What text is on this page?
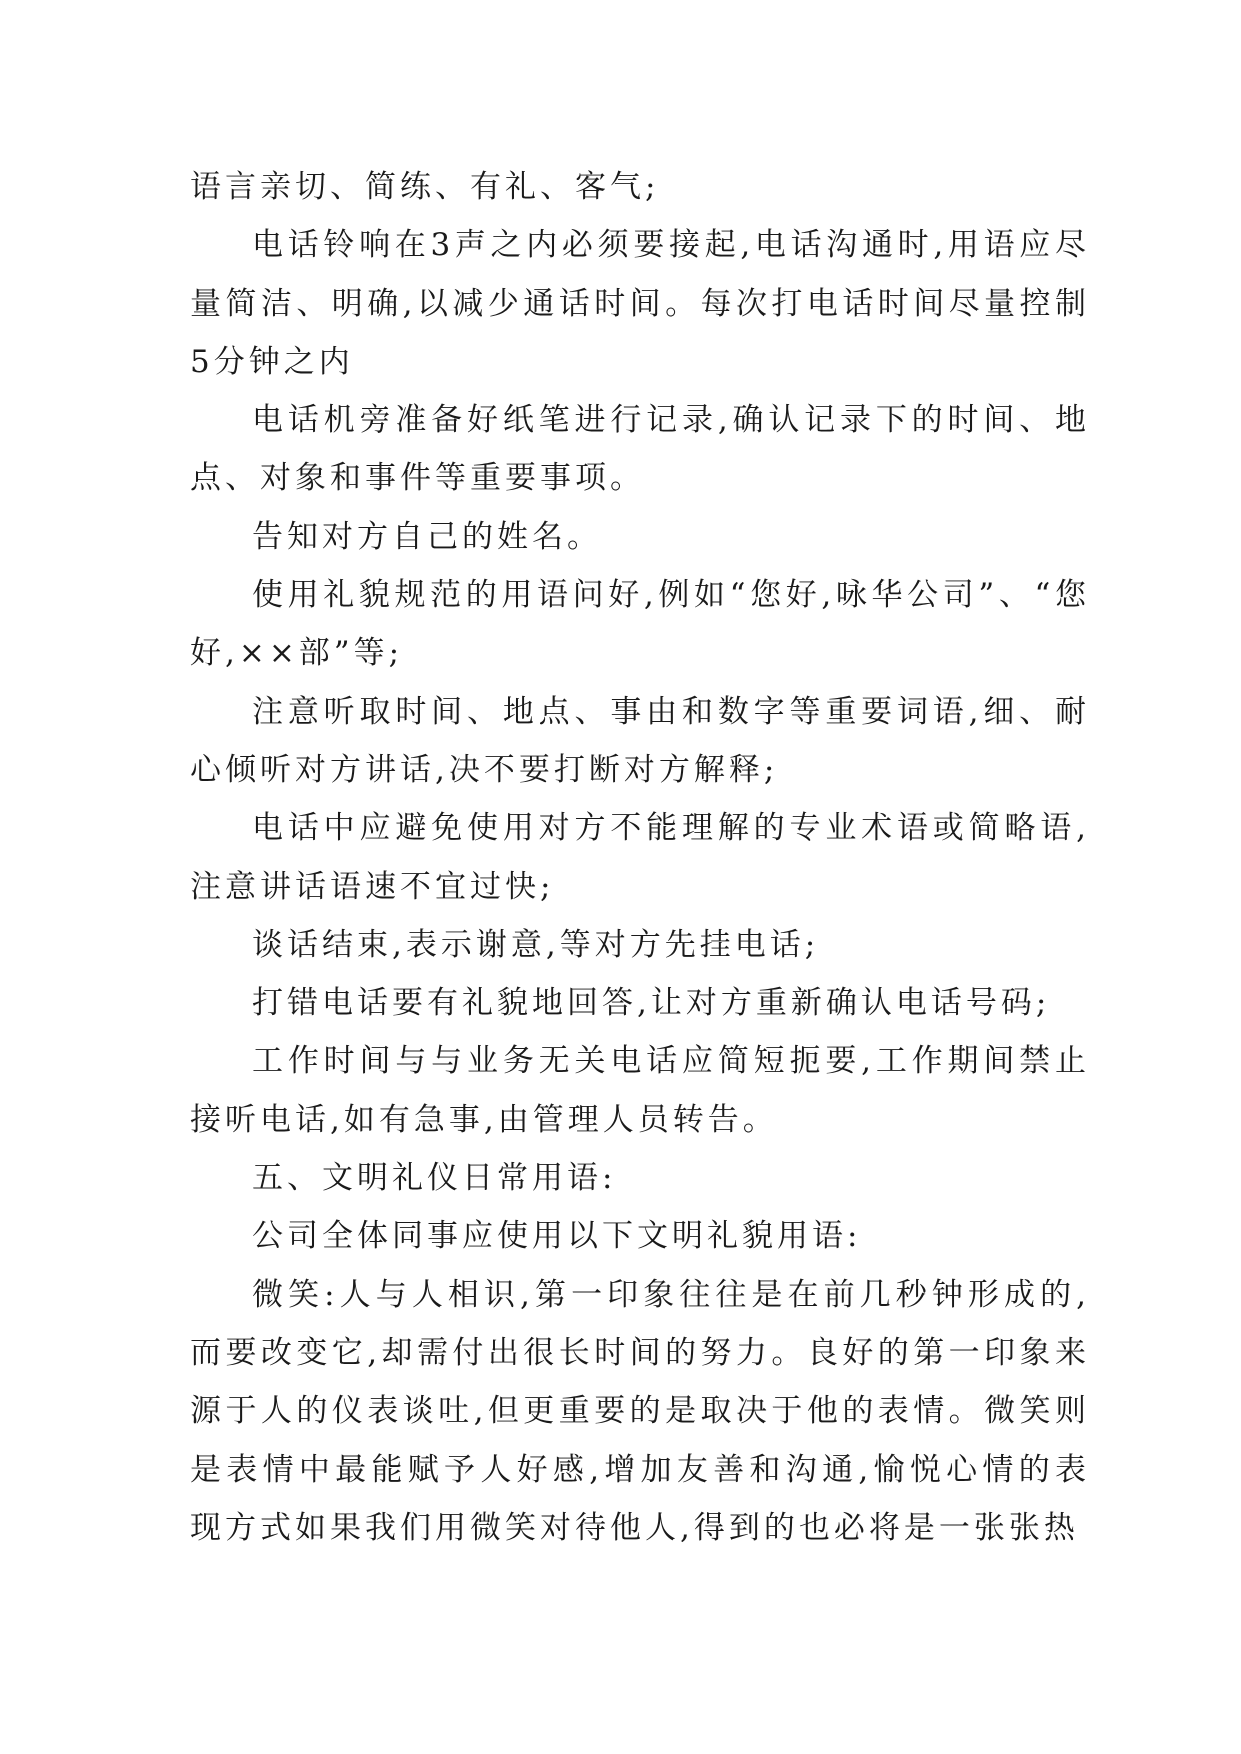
语言亲切、简练、有礼、客气;

电话铃响在3声之内必须要接起,电话沟通时,用语应尽量简洁、明确,以减少通话时间。每次打电话时间尽量控制5分钟之内

电话机旁准备好纸笔进行记录,确认记录下的时间、地点、对象和事件等重要事项。

告知对方自己的姓名。

使用礼貌规范的用语问好,例如“您好,咏华公司”、“您好,××部”等;

注意听取时间、地点、事由和数字等重要词语,细、耐心倾听对方讲话,决不要打断对方解释;

电话中应避免使用对方不能理解的专业术语或简略语,注意讲话语速不宜过快;

谈话结束,表示谢意,等对方先挂电话;

打错电话要有礼貌地回答,让对方重新确认电话号码;

工作时间与与业务无关电话应简短扼要,工作期间禁止接听电话,如有急事,由管理人员转告。

五、文明礼仪日常用语:

公司全体同事应使用以下文明礼貌用语:

微笑:人与人相识,第一印象往往是在前几秒钟形成的,而要改变它,却需付出很长时间的努力。良好的第一印象来源于人的仪表谈吐,但更重要的是取决于他的表情。微笑则是表情中最能赋予人好感,增加友善和沟通,愉悦心情的表现方式如果我们用微笑对待他人,得到的也必将是一张张热
